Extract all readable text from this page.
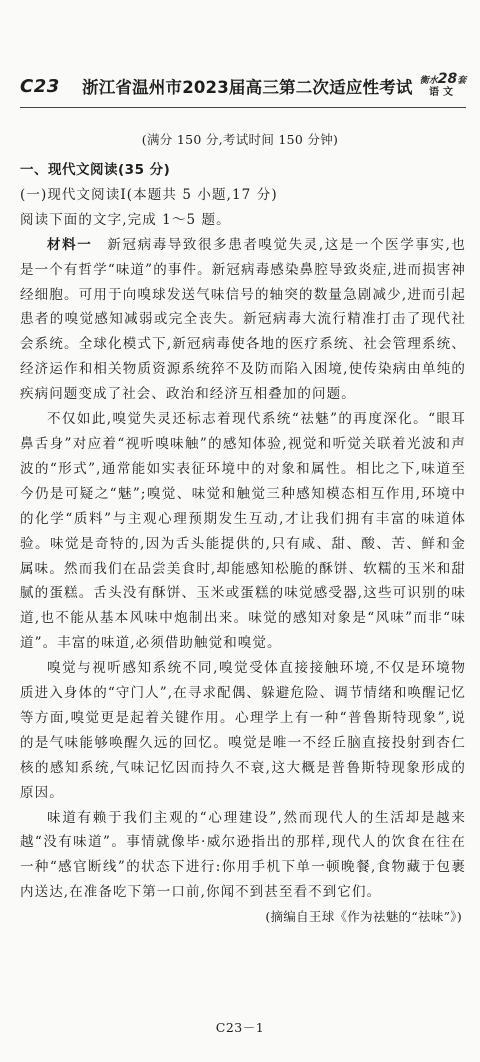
C23	浙江省温州市2023届高三第二次适应性考试 衡水28套
语文
(满分 150 分,考试时间 150 分钟)
一、现代文阅读(35 分)
(一)现代文阅读Ⅰ(本题共 5 小题,17 分)
阅读下面的文字,完成 1～5 题。

材料一　 新冠病毒导致很多患者嗅觉失灵,这是一个医学事实,也是一个有哲学“味道”的事件。新冠病毒感染鼻腔导致炎症,进而损害神经细胞。可用于向嗅球发送气味信号的轴突的数量急剧减少,进而引起患者的嗅觉感知减弱或完全丧失。新冠病毒大流行精准打击了现代社会系统。全球化模式下,新冠病毒使各地的医疗系统、社会管理系统、经济运作和相关物质资源系统猝不及防而陷入困境,使传染病由单纯的疾病问题变成了社会、政治和经济互相叠加的问题。

不仅如此,嗅觉失灵还标志着现代系统“祛魅”的再度深化。“眼耳鼻舌身”对应着“视听嗅味触”的感知体验,视觉和听觉关联着光波和声波的“形式”,通常能如实表征环境中的对象和属性。相比之下,味道至今仍是可疑之“魅”;嗅觉、味觉和触觉三种感知模态相互作用,环境中的化学“质料”与主观心理预期发生互动,才让我们拥有丰富的味道体验。味觉是奇特的,因为舌头能提供的,只有咸、甜、酸、苦、鲜和金属味。然而我们在品尝美食时,却能感知松脆的酥饼、软糯的玉米和甜腻的蛋糕。舌头没有酥饼、玉米或蛋糕的味觉感受器,这些可识别的味道,也不能从基本风味中炮制出来。味觉的感知对象是“风味”而非“味道”。丰富的味道,必须借助触觉和嗅觉。

嗅觉与视听感知系统不同,嗅觉受体直接接触环境,不仅是环境物质进入身体的“守门人”,在寻求配偶、躲避危险、调节情绪和唤醒记忆等方面,嗅觉更是起着关键作用。心理学上有一种“普鲁斯特现象”,说的是气味能够唤醒久远的回忆。嗅觉是唯一不经丘脑直接投射到杏仁核的感知系统,气味记忆因而持久不衰,这大概是普鲁斯特现象形成的原因。

味道有赖于我们主观的“心理建设”,然而现代人的生活却是越来越“没有味道”。事情就像毕·威尔逊指出的那样,现代人的饮食在往在一种“感官断线”的状态下进行:你用手机下单一顿晚餐,食物藏于包裹内送达,在准备吃下第一口前,你闻不到甚至看不到它们。

(摘编自王球《作为祛魅的“祛味”》)
C23－1
